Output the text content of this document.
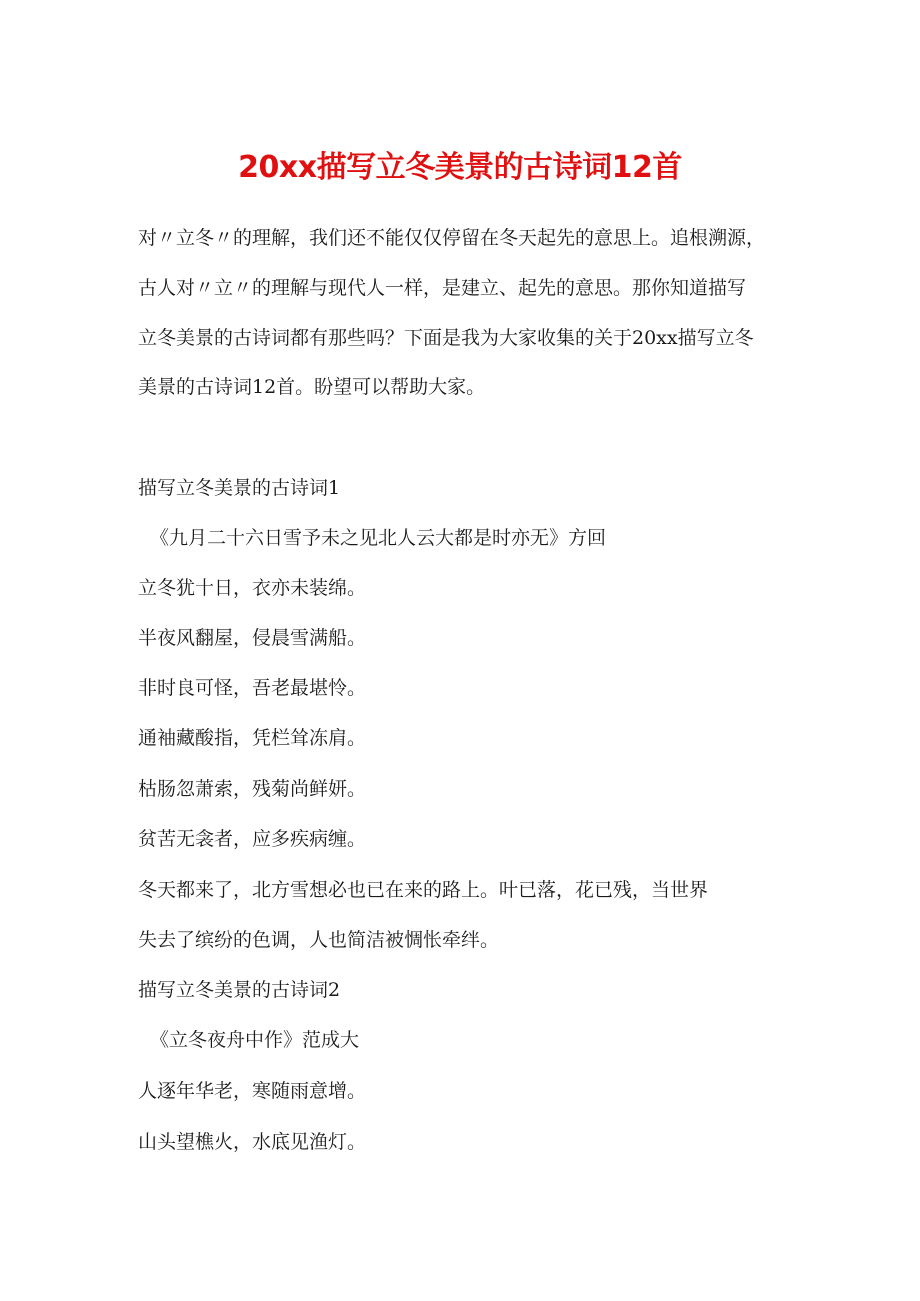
20xx描写立冬美景的古诗词12首
对〃立冬〃的理解，我们还不能仅仅停留在冬天起先的意思上。追根溯源，
古人对〃立〃的理解与现代人一样，是建立、起先的意思。那你知道描写
立冬美景的古诗词都有那些吗？下面是我为大家收集的关于20xx描写立冬
美景的古诗词12首。盼望可以帮助大家。
描写立冬美景的古诗词1
《九月二十六日雪予未之见北人云大都是时亦无》方回
立冬犹十日，衣亦未装绵。
半夜风翻屋，侵晨雪满船。
非时良可怪，吾老最堪怜。
通袖藏酸指，凭栏耸冻肩。
枯肠忽萧索，残菊尚鲜妍。
贫苦无衾者，应多疾病缠。
冬天都来了，北方雪想必也已在来的路上。叶已落，花已残，当世界
失去了缤纷的色调，人也简洁被惆怅牵绊。
描写立冬美景的古诗词2
《立冬夜舟中作》范成大
人逐年华老，寒随雨意增。
山头望樵火，水底见渔灯。
